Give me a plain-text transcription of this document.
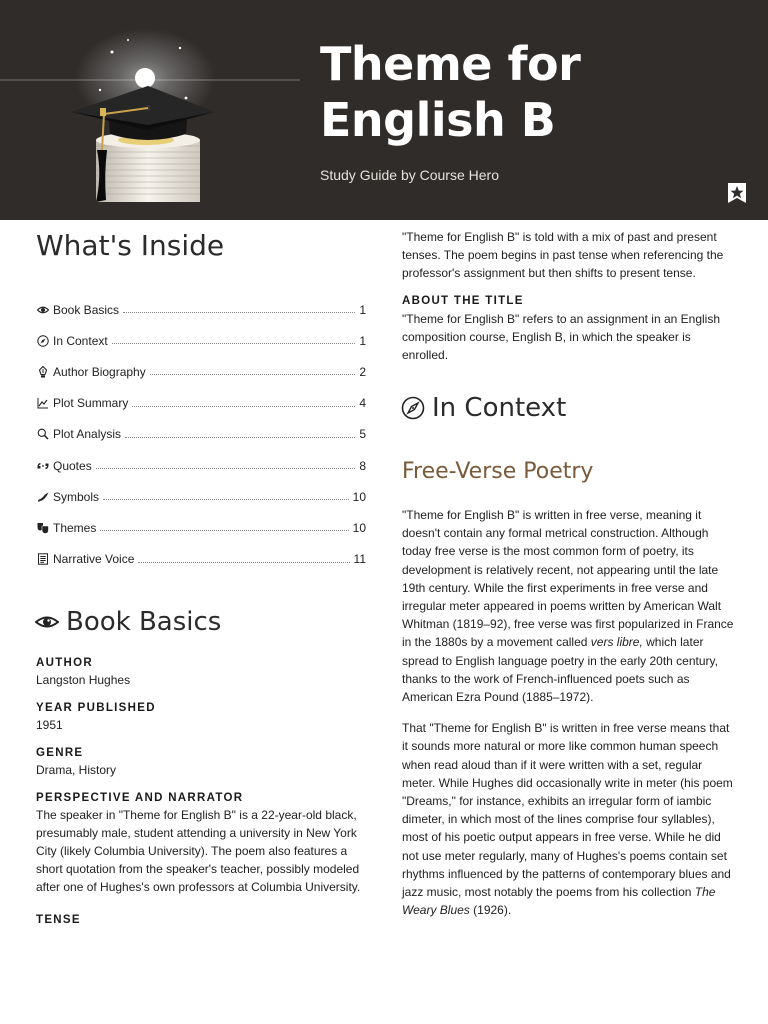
Theme for
English B
Study Guide by Course Hero
What's Inside
Book Basics	1
In Context	1
Author Biography	2
Plot Summary	4
Plot Analysis	5
Quotes	8
Symbols	10
Themes	10
Narrative Voice	11
Book Basics
AUTHOR
Langston Hughes
YEAR PUBLISHED
1951
GENRE
Drama, History
PERSPECTIVE AND NARRATOR
The speaker in "Theme for English B" is a 22-year-old black, presumably male, student attending a university in New York City (likely Columbia University). The poem also features a short quotation from the speaker's teacher, possibly modeled after one of Hughes's own professors at Columbia University.
TENSE
"Theme for English B" is told with a mix of past and present tenses. The poem begins in past tense when referencing the professor's assignment but then shifts to present tense.
ABOUT THE TITLE
"Theme for English B" refers to an assignment in an English composition course, English B, in which the speaker is enrolled.
In Context
Free-Verse Poetry

"Theme for English B" is written in free verse, meaning it doesn't contain any formal metrical construction. Although today free verse is the most common form of poetry, its development is relatively recent, not appearing until the late 19th century. While the first experiments in free verse and irregular meter appeared in poems written by American Walt Whitman (1819–92), free verse was first popularized in France in the 1880s by a movement called vers libre, which later spread to English language poetry in the early 20th century, thanks to the work of French-influenced poets such as American Ezra Pound (1885–1972).

That "Theme for English B" is written in free verse means that it sounds more natural or more like common human speech when read aloud than if it were written with a set, regular meter. While Hughes did occasionally write in meter (his poem "Dreams," for instance, exhibits an irregular form of iambic dimeter, in which most of the lines comprise four syllables), most of his poetic output appears in free verse. While he did not use meter regularly, many of Hughes's poems contain set rhythms influenced by the patterns of contemporary blues and jazz music, most notably the poems from his collection The Weary Blues (1926).
